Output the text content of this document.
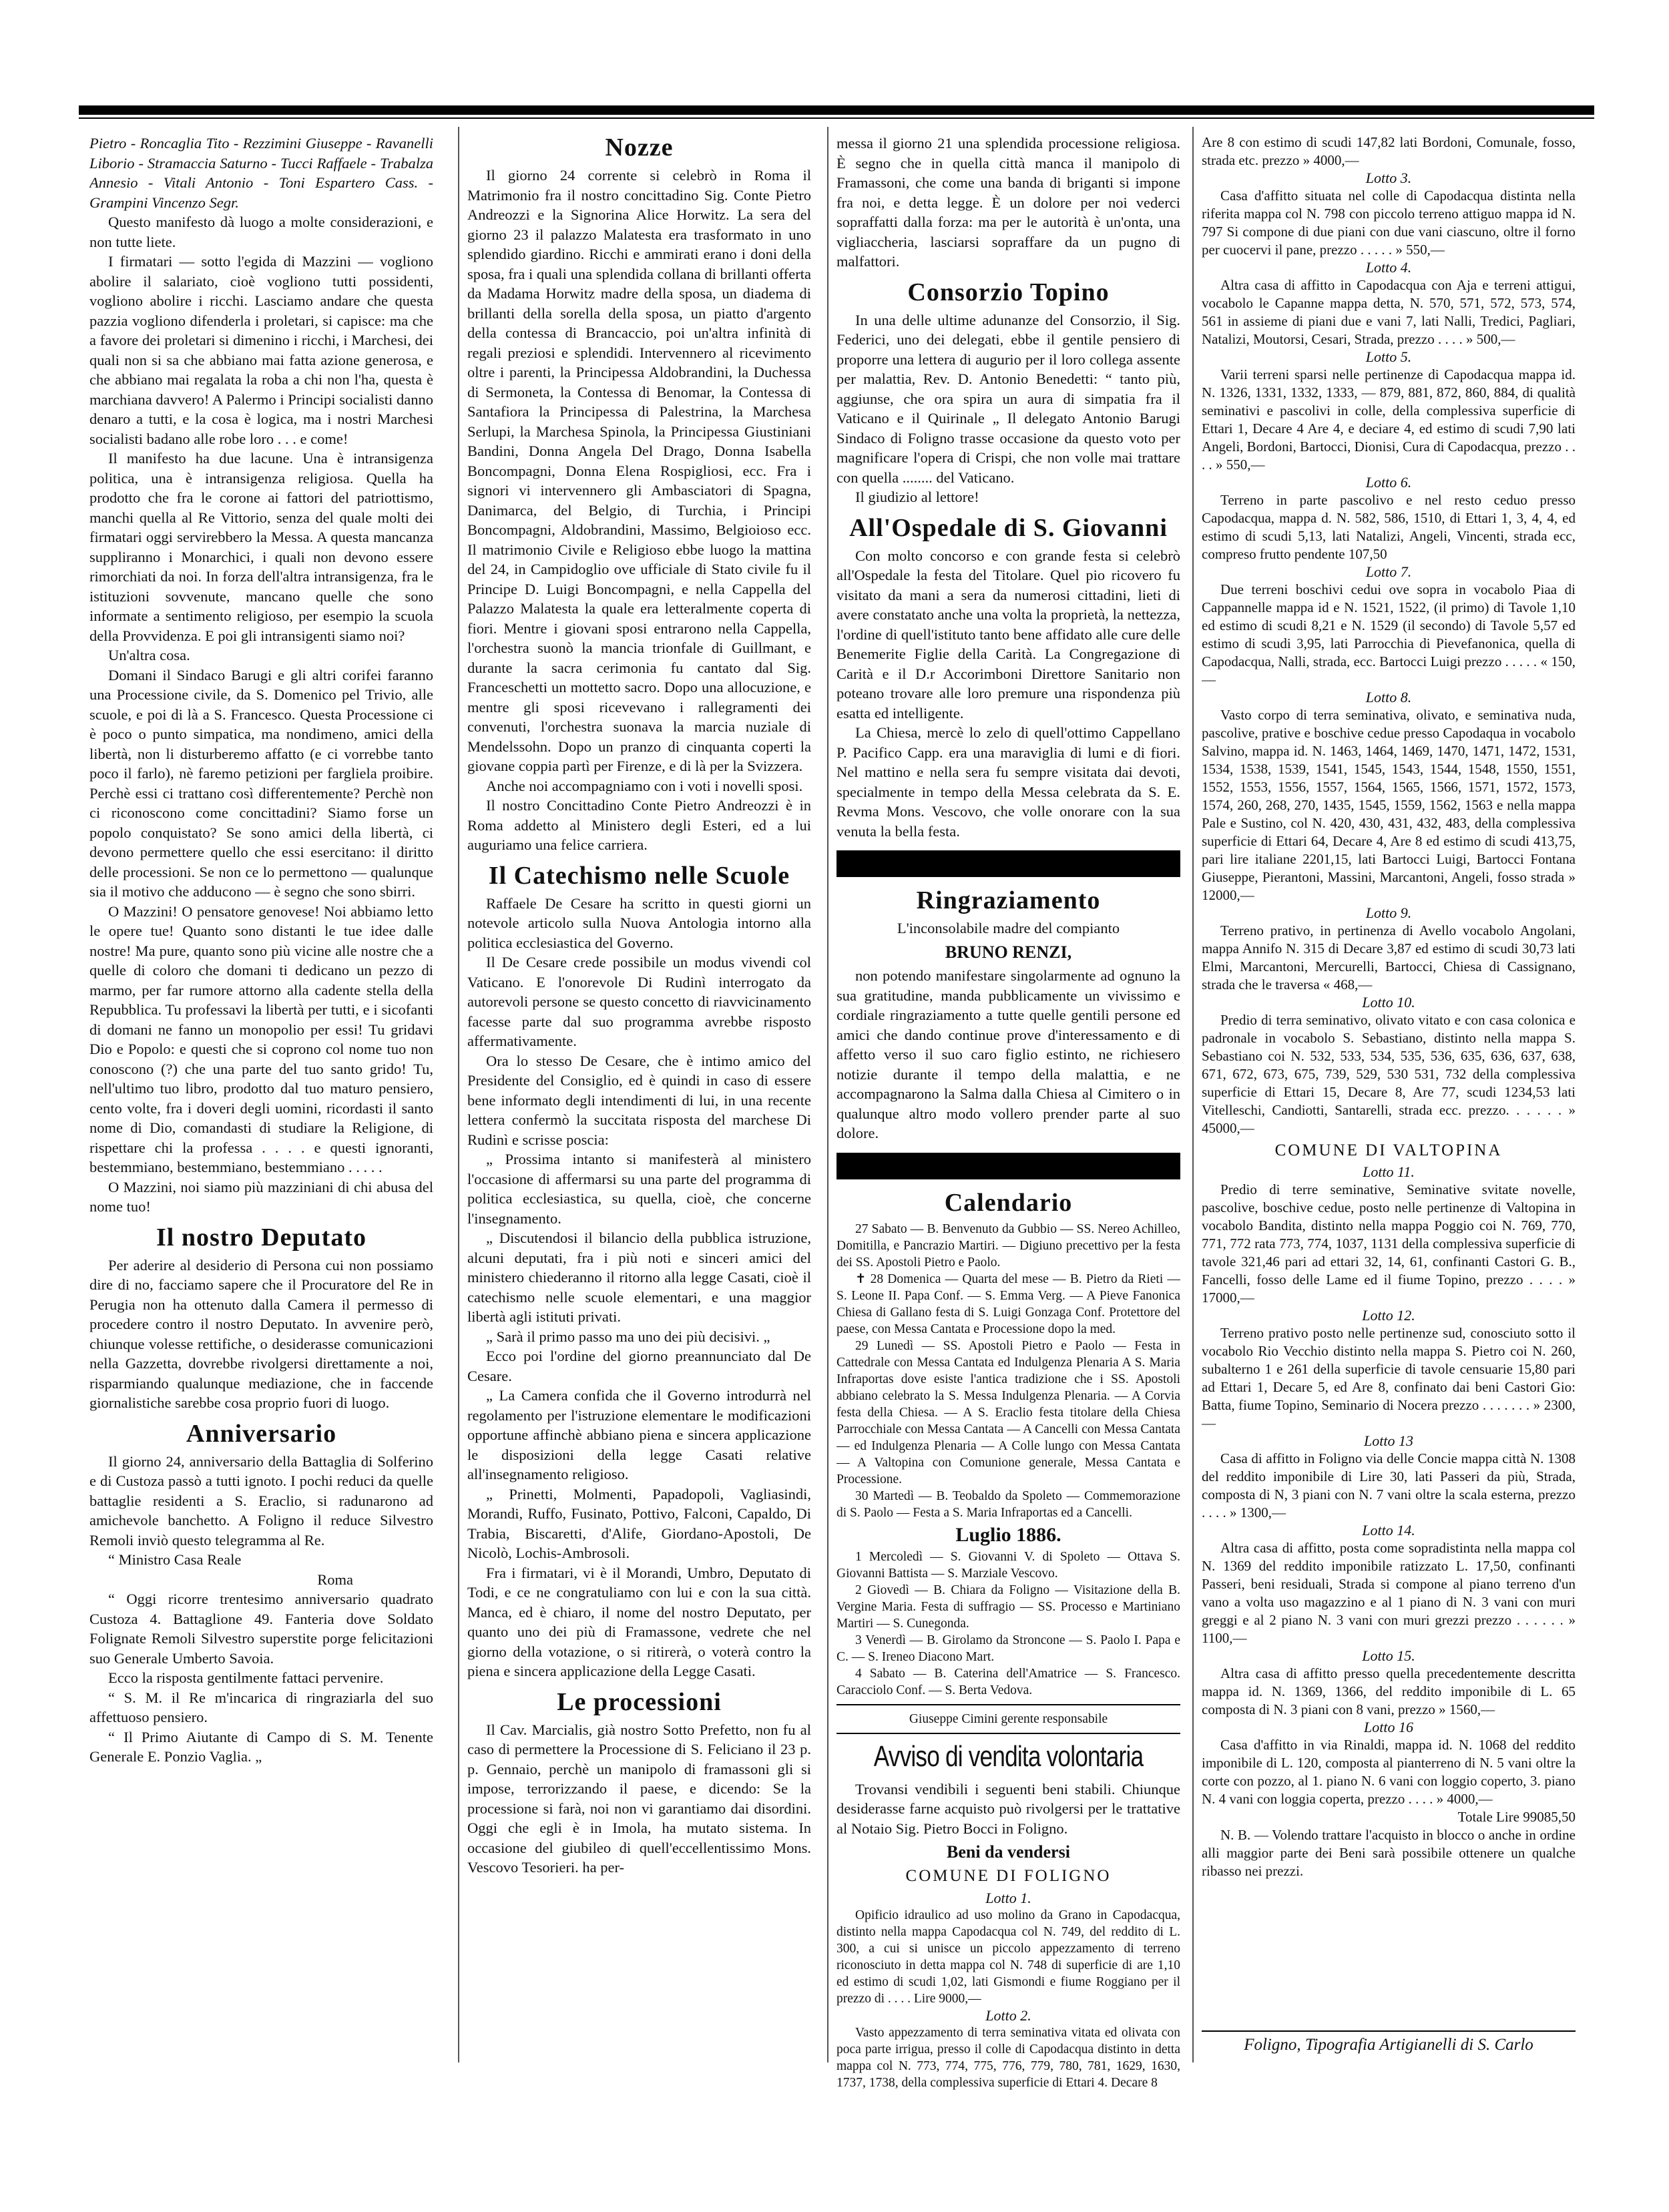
Pietro - Roncaglia Tito - Rezzimini Giuseppe - Ravanelli Liborio - Stramaccia Saturno - Tucci Raffaele - Trabalza Annesio - Vitali Antonio - Toni Espartero Cass. - Grampini Vincenzo Segr.

Questo manifesto dà luogo a molte considerazioni, e non tutte liete.

I firmatari — sotto l'egida di Mazzini — vogliono abolire il salariato, cioè vogliono tutti possidenti, vogliono abolire i ricchi. Lasciamo andare che questa pazzia vogliono difenderla i proletari, si capisce: ma che a favore dei proletari si dimenino i ricchi, i Marchesi, dei quali non si sa che abbiano mai fatta azione generosa, e che abbiano mai regalata la roba a chi non l'ha, questa è marchiana davvero! A Palermo i Principi socialisti danno denaro a tutti, e la cosa è logica, ma i nostri Marchesi socialisti badano alle robe loro . . . e come!

Il manifesto ha due lacune. Una è intransigenza politica, una è intransigenza religiosa. Quella ha prodotto che fra le corone ai fattori del patriottismo, manchi quella al Re Vittorio, senza del quale molti dei firmatari oggi servirebbero la Messa. A questa mancanza suppliranno i Monarchici, i quali non devono essere rimorchiati da noi. In forza dell'altra intransigenza, fra le istituzioni sovvenute, mancano quelle che sono informate a sentimento religioso, per esempio la scuola della Provvidenza. E poi gli intransigenti siamo noi?

Un'altra cosa.

Domani il Sindaco Barugi e gli altri corifei faranno una Processione civile, da S. Domenico pel Trivio, alle scuole, e poi di là a S. Francesco. Questa Processione ci è poco o punto simpatica, ma nondimeno, amici della libertà, non li disturberemo affatto (e ci vorrebbe tanto poco il farlo), nè faremo petizioni per fargliela proibire. Perchè essi ci trattano così differentemente? Perchè non ci riconoscono come concittadini? Siamo forse un popolo conquistato? Se sono amici della libertà, ci devono permettere quello che essi esercitano: il diritto delle processioni. Se non ce lo permettono — qualunque sia il motivo che adducono — è segno che sono sbirri.

O Mazzini! O pensatore genovese! Noi abbiamo letto le opere tue! Quanto sono distanti le tue idee dalle nostre! Ma pure, quanto sono più vicine alle nostre che a quelle di coloro che domani ti dedicano un pezzo di marmo, per far rumore attorno alla cadente stella della Repubblica. Tu professavi la libertà per tutti, e i sicofanti di domani ne fanno un monopolio per essi! Tu gridavi Dio e Popolo: e questi che si coprono col nome tuo non conoscono (?) che una parte del tuo santo grido! Tu, nell'ultimo tuo libro, prodotto dal tuo maturo pensiero, cento volte, fra i doveri degli uomini, ricordasti il santo nome di Dio, comandasti di studiare la Religione, di rispettare chi la professa . . . . e questi ignoranti, bestemmiano, bestemmiano, bestemmiano . . . . .

O Mazzini, noi siamo più mazziniani di chi abusa del nome tuo!

Il nostro Deputato

Per aderire al desiderio di Persona cui non possiamo dire di no, facciamo sapere che il Procuratore del Re in Perugia non ha ottenuto dalla Camera il permesso di procedere contro il nostro Deputato. In avvenire però, chiunque volesse rettifiche, o desiderasse comunicazioni nella Gazzetta, dovrebbe rivolgersi direttamente a noi, risparmiando qualunque mediazione, che in faccende giornalistiche sarebbe cosa proprio fuori di luogo.

Anniversario

Il giorno 24, anniversario della Battaglia di Solferino e di Custoza passò a tutti ignoto. I pochi reduci da quelle battaglie residenti a S. Eraclio, si radunarono ad amichevole banchetto. A Foligno il reduce Silvestro Remoli inviò questo telegramma al Re.

“ Ministro Casa Reale

Roma

“ Oggi ricorre trentesimo anniversario quadrato Custoza 4. Battaglione 49. Fanteria dove Soldato Folignate Remoli Silvestro superstite porge felicitazioni suo Generale Umberto Savoia.

Ecco la risposta gentilmente fattaci pervenire.

“ S. M. il Re m'incarica di ringraziarla del suo affettuoso pensiero.

“ Il Primo Aiutante di Campo di S. M. Tenente Generale E. Ponzio Vaglia. „

Nozze

Il giorno 24 corrente si celebrò in Roma il Matrimonio fra il nostro concittadino Sig. Conte Pietro Andreozzi e la Signorina Alice Horwitz. La sera del giorno 23 il palazzo Malatesta era trasformato in uno splendido giardino. Ricchi e ammirati erano i doni della sposa, fra i quali una splendida collana di brillanti offerta da Madama Horwitz madre della sposa, un diadema di brillanti della sorella della sposa, un piatto d'argento della contessa di Brancaccio, poi un'altra infinità di regali preziosi e splendidi. Intervennero al ricevimento oltre i parenti, la Principessa Aldobrandini, la Duchessa di Sermoneta, la Contessa di Benomar, la Contessa di Santafiora la Principessa di Palestrina, la Marchesa Serlupi, la Marchesa Spinola, la Principessa Giustiniani Bandini, Donna Angela Del Drago, Donna Isabella Boncompagni, Donna Elena Rospigliosi, ecc. Fra i signori vi intervennero gli Ambasciatori di Spagna, Danimarca, del Belgio, di Turchia, i Principi Boncompagni, Aldobrandini, Massimo, Belgioioso ecc. Il matrimonio Civile e Religioso ebbe luogo la mattina del 24, in Campidoglio ove ufficiale di Stato civile fu il Principe D. Luigi Boncompagni, e nella Cappella del Palazzo Malatesta la quale era letteralmente coperta di fiori. Mentre i giovani sposi entrarono nella Cappella, l'orchestra suonò la mancia trionfale di Guillmant, e durante la sacra cerimonia fu cantato dal Sig. Franceschetti un mottetto sacro. Dopo una allocuzione, e mentre gli sposi ricevevano i rallegramenti dei convenuti, l'orchestra suonava la marcia nuziale di Mendelssohn. Dopo un pranzo di cinquanta coperti la giovane coppia partì per Firenze, e di là per la Svizzera.

Anche noi accompagniamo con i voti i novelli sposi.

Il nostro Concittadino Conte Pietro Andreozzi è in Roma addetto al Ministero degli Esteri, ed a lui auguriamo una felice carriera.

Il Catechismo nelle Scuole

Raffaele De Cesare ha scritto in questi giorni un notevole articolo sulla Nuova Antologia intorno alla politica ecclesiastica del Governo.

Il De Cesare crede possibile un modus vivendi col Vaticano. E l'onorevole Di Rudinì interrogato da autorevoli persone se questo concetto di riavvicinamento facesse parte dal suo programma avrebbe risposto affermativamente.

Ora lo stesso De Cesare, che è intimo amico del Presidente del Consiglio, ed è quindi in caso di essere bene informato degli intendimenti di lui, in una recente lettera confermò la succitata risposta del marchese Di Rudinì e scrisse poscia:

„ Prossima intanto si manifesterà al ministero l'occasione di affermarsi su una parte del programma di politica ecclesiastica, su quella, cioè, che concerne l'insegnamento.

„ Discutendosi il bilancio della pubblica istruzione, alcuni deputati, fra i più noti e sinceri amici del ministero chiederanno il ritorno alla legge Casati, cioè il catechismo nelle scuole elementari, e una maggior libertà agli istituti privati.

„ Sarà il primo passo ma uno dei più decisivi. „

Ecco poi l'ordine del giorno preannunciato dal De Cesare.

„ La Camera confida che il Governo introdurrà nel regolamento per l'istruzione elementare le modificazioni opportune affinchè abbiano piena e sincera applicazione le disposizioni della legge Casati relative all'insegnamento religioso.

„ Prinetti, Molmenti, Papadopoli, Vagliasindi, Morandi, Ruffo, Fusinato, Pottivo, Falconi, Capaldo, Di Trabia, Biscaretti, d'Alife, Giordano-Apostoli, De Nicolò, Lochis-Ambrosoli.

Fra i firmatari, vi è il Morandi, Umbro, Deputato di Todi, e ce ne congratuliamo con lui e con la sua città. Manca, ed è chiaro, il nome del nostro Deputato, per quanto uno dei più di Framassone, vedrete che nel giorno della votazione, o si ritirerà, o voterà contro la piena e sincera applicazione della Legge Casati.

Le processioni

Il Cav. Marcialis, già nostro Sotto Prefetto, non fu al caso di permettere la Processione di S. Feliciano il 23 p. p. Gennaio, perchè un manipolo di framassoni gli si impose, terrorizzando il paese, e dicendo: Se la processione si farà, noi non vi garantiamo dai disordini. Oggi che egli è in Imola, ha mutato sistema. In occasione del giubileo di quell'eccellentissimo Mons. Vescovo Tesorieri. ha per-

messa il giorno 21 una splendida processione religiosa. È segno che in quella città manca il manipolo di Framassoni, che come una banda di briganti si impone fra noi, e detta legge. È un dolore per noi vederci sopraffatti dalla forza: ma per le autorità è un'onta, una vigliaccheria, lasciarsi sopraffare da un pugno di malfattori.

Consorzio Topino

In una delle ultime adunanze del Consorzio, il Sig. Federici, uno dei delegati, ebbe il gentile pensiero di proporre una lettera di augurio per il loro collega assente per malattia, Rev. D. Antonio Benedetti: “ tanto più, aggiunse, che ora spira un aura di simpatia fra il Vaticano e il Quirinale „ Il delegato Antonio Barugi Sindaco di Foligno trasse occasione da questo voto per magnificare l'opera di Crispi, che non volle mai trattare con quella ........ del Vaticano.

Il giudizio al lettore!

All'Ospedale di S. Giovanni

Con molto concorso e con grande festa si celebrò all'Ospedale la festa del Titolare. Quel pio ricovero fu visitato da mani a sera da numerosi cittadini, lieti di avere constatato anche una volta la proprietà, la nettezza, l'ordine di quell'istituto tanto bene affidato alle cure delle Benemerite Figlie della Carità. La Congregazione di Carità e il D.r Accorimboni Direttore Sanitario non poteano trovare alle loro premure una rispondenza più esatta ed intelligente.

La Chiesa, mercè lo zelo di quell'ottimo Cappellano P. Pacifico Capp. era una maraviglia di lumi e di fiori. Nel mattino e nella sera fu sempre visitata dai devoti, specialmente in tempo della Messa celebrata da S. E. Revma Mons. Vescovo, che volle onorare con la sua venuta la bella festa.

Ringraziamento

L'inconsolabile madre del compianto

BRUNO RENZI,

non potendo manifestare singolarmente ad ognuno la sua gratitudine, manda pubblicamente un vivissimo e cordiale ringraziamento a tutte quelle gentili persone ed amici che dando continue prove d'interessamento e di affetto verso il suo caro figlio estinto, ne richiesero notizie durante il tempo della malattia, e ne accompagnarono la Salma dalla Chiesa al Cimitero o in qualunque altro modo vollero prender parte al suo dolore.

Calendario

27 Sabato — B. Benvenuto da Gubbio — SS. Nereo Achilleo, Domitilla, e Pancrazio Martiri. — Digiuno precettivo per la festa dei SS. Apostoli Pietro e Paolo.

✝ 28 Domenica — Quarta del mese — B. Pietro da Rieti — S. Leone II. Papa Conf. — S. Emma Verg. — A Pieve Fanonica Chiesa di Gallano festa di S. Luigi Gonzaga Conf. Protettore del paese, con Messa Cantata e Processione dopo la med.

29 Lunedì — SS. Apostoli Pietro e Paolo — Festa in Cattedrale con Messa Cantata ed Indulgenza Plenaria A S. Maria Infraportas dove esiste l'antica tradizione che i SS. Apostoli abbiano celebrato la S. Messa Indulgenza Plenaria. — A Corvia festa della Chiesa. — A S. Eraclio festa titolare della Chiesa Parrocchiale con Messa Cantata — A Cancelli con Messa Cantata — ed Indulgenza Plenaria — A Colle lungo con Messa Cantata — A Valtopina con Comunione generale, Messa Cantata e Processione.

30 Martedì — B. Teobaldo da Spoleto — Commemorazione di S. Paolo — Festa a S. Maria Infraportas ed a Cancelli.

Luglio 1886.

1 Mercoledì — S. Giovanni V. di Spoleto — Ottava S. Giovanni Battista — S. Marziale Vescovo.

2 Giovedì — B. Chiara da Foligno — Visitazione della B. Vergine Maria. Festa di suffragio — SS. Processo e Martiniano Martiri — S. Cunegonda.

3 Venerdì — B. Girolamo da Stroncone — S. Paolo I. Papa e C. — S. Ireneo Diacono Mart.

4 Sabato — B. Caterina dell'Amatrice — S. Francesco. Caracciolo Conf. — S. Berta Vedova.

Giuseppe Cimini gerente responsabile

Avviso di vendita volontaria

Trovansi vendibili i seguenti beni stabili. Chiunque desiderasse farne acquisto può rivolgersi per le trattative al Notaio Sig. Pietro Bocci in Foligno.

Beni da vendersi
COMUNE DI FOLIGNO
Lotto 1.

Opificio idraulico ad uso molino da Grano in Capodacqua, distinto nella mappa Capodacqua col N. 749, del reddito di L. 300, a cui si unisce un piccolo appezzamento di terreno riconosciuto in detta mappa col N. 748 di superficie di are 1,10 ed estimo di scudi 1,02, lati Gismondi e fiume Roggiano per il prezzo di . . . . Lire 9000,—

Lotto 2.

Vasto appezzamento di terra seminativa vitata ed olivata con poca parte irrigua, presso il colle di Capodacqua distinto in detta mappa col N. 773, 774, 775, 776, 779, 780, 781, 1629, 1630, 1737, 1738, della complessiva superficie di Ettari 4. Decare 8

Are 8 con estimo di scudi 147,82 lati Bordoni, Comunale, fosso, strada etc. prezzo » 4000,—

Lotto 3.

Casa d'affitto situata nel colle di Capodacqua distinta nella riferita mappa col N. 798 con piccolo terreno attiguo mappa id N. 797 Si compone di due piani con due vani ciascuno, oltre il forno per cuocervi il pane, prezzo . . . . . » 550,—

Lotto 4.

Altra casa di affitto in Capodacqua con Aja e terreni attigui, vocabolo le Capanne mappa detta, N. 570, 571, 572, 573, 574, 561 in assieme di piani due e vani 7, lati Nalli, Tredici, Pagliari, Natalizi, Moutorsi, Cesari, Strada, prezzo . . . . » 500,—

Lotto 5.

Varii terreni sparsi nelle pertinenze di Capodacqua mappa id. N. 1326, 1331, 1332, 1333, — 879, 881, 872, 860, 884, di qualità seminativi e pascolivi in colle, della complessiva superficie di Ettari 1, Decare 4 Are 4, e deciare 4, ed estimo di scudi 7,90 lati Angeli, Bordoni, Bartocci, Dionisi, Cura di Capodacqua, prezzo . . . . » 550,—

Lotto 6.

Terreno in parte pascolivo e nel resto ceduo presso Capodacqua, mappa d. N. 582, 586, 1510, di Ettari 1, 3, 4, 4, ed estimo di scudi 5,13, lati Natalizi, Angeli, Vincenti, strada ecc, compreso frutto pendente 107,50

Lotto 7.

Due terreni boschivi cedui ove sopra in vocabolo Piaa di Cappannelle mappa id e N. 1521, 1522, (il primo) di Tavole 1,10 ed estimo di scudi 8,21 e N. 1529 (il secondo) di Tavole 5,57 ed estimo di scudi 3,95, lati Parrocchia di Pievefanonica, quella di Capodacqua, Nalli, strada, ecc. Bartocci Luigi prezzo . . . . . « 150,—

Lotto 8.

Vasto corpo di terra seminativa, olivato, e seminativa nuda, pascolive, prative e boschive cedue presso Capodaqua in vocabolo Salvino, mappa id. N. 1463, 1464, 1469, 1470, 1471, 1472, 1531, 1534, 1538, 1539, 1541, 1545, 1543, 1544, 1548, 1550, 1551, 1552, 1553, 1556, 1557, 1564, 1565, 1566, 1571, 1572, 1573, 1574, 260, 268, 270, 1435, 1545, 1559, 1562, 1563 e nella mappa Pale e Sustino, col N. 420, 430, 431, 432, 483, della complessiva superficie di Ettari 64, Decare 4, Are 8 ed estimo di scudi 413,75, pari lire italiane 2201,15, lati Bartocci Luigi, Bartocci Fontana Giuseppe, Pierantoni, Massini, Marcantoni, Angeli, fosso strada » 12000,—

Lotto 9.

Terreno prativo, in pertinenza di Avello vocabolo Angolani, mappa Annifo N. 315 di Decare 3,87 ed estimo di scudi 30,73 lati Elmi, Marcantoni, Mercurelli, Bartocci, Chiesa di Cassignano, strada che le traversa « 468,—

Lotto 10.

Predio di terra seminativo, olivato vitato e con casa colonica e padronale in vocabolo S. Sebastiano, distinto nella mappa S. Sebastiano coi N. 532, 533, 534, 535, 536, 635, 636, 637, 638, 671, 672, 673, 675, 739, 529, 530 531, 732 della complessiva superficie di Ettari 15, Decare 8, Are 77, scudi 1234,53 lati Vitelleschi, Candiotti, Santarelli, strada ecc. prezzo. . . . . . » 45000,—

COMUNE DI VALTOPINA
Lotto 11.

Predio di terre seminative, Seminative svitate novelle, pascolive, boschive cedue, posto nelle pertinenze di Valtopina in vocabolo Bandita, distinto nella mappa Poggio coi N. 769, 770, 771, 772 rata 773, 774, 1037, 1131 della complessiva superficie di tavole 321,46 pari ad ettari 32, 14, 61, confinanti Castori G. B., Fancelli, fosso delle Lame ed il fiume Topino, prezzo . . . . » 17000,—

Lotto 12.

Terreno prativo posto nelle pertinenze sud, conosciuto sotto il vocabolo Rio Vecchio distinto nella mappa S. Pietro coi N. 260, subalterno 1 e 261 della superficie di tavole censuarie 15,80 pari ad Ettari 1, Decare 5, ed Are 8, confinato dai beni Castori Gio: Batta, fiume Topino, Seminario di Nocera prezzo . . . . . . . » 2300,—

Lotto 13

Casa di affitto in Foligno via delle Concie mappa città N. 1308 del reddito imponibile di Lire 30, lati Passeri da più, Strada, composta di N, 3 piani con N. 7 vani oltre la scala esterna, prezzo . . . . » 1300,—

Lotto 14.

Altra casa di affitto, posta come sopradistinta nella mappa col N. 1369 del reddito imponibile ratizzato L. 17,50, confinanti Passeri, beni residuali, Strada si compone al piano terreno d'un vano a volta uso magazzino e al 1 piano di N. 3 vani con muri greggi e al 2 piano N. 3 vani con muri grezzi prezzo . . . . . . » 1100,—

Lotto 15.

Altra casa di affitto presso quella precedentemente descritta mappa id. N. 1369, 1366, del reddito imponibile di L. 65 composta di N. 3 piani con 8 vani, prezzo » 1560,—

Lotto 16

Casa d'affitto in via Rinaldi, mappa id. N. 1068 del reddito imponibile di L. 120, composta al pianterreno di N. 5 vani oltre la corte con pozzo, al 1. piano N. 6 vani con loggio coperto, 3. piano N. 4 vani con loggia coperta, prezzo . . . . » 4000,—

Totale Lire 99085,50

N. B. — Volendo trattare l'acquisto in blocco o anche in ordine alli maggior parte dei Beni sarà possibile ottenere un qualche ribasso nei prezzi.

Foligno, Tipografia Artigianelli di S. Carlo
